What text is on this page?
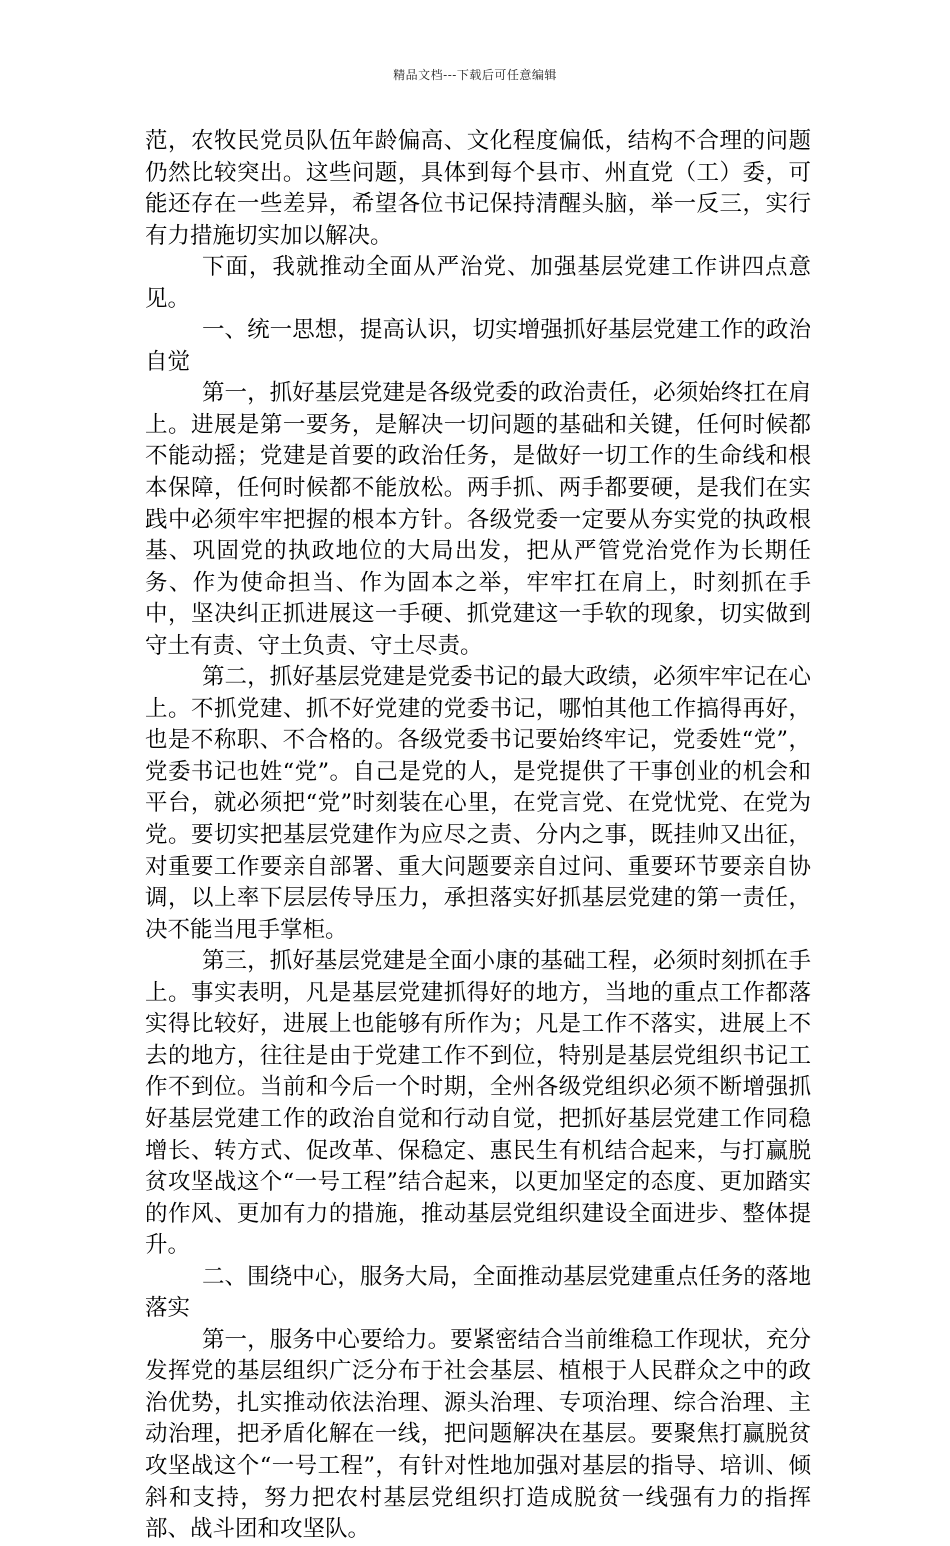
精品文档---下载后可任意编辑

范，农牧民党员队伍年龄偏高、文化程度偏低，结构不合理的问题仍然比较突出。这些问题，具体到每个县市、州直党（工）委，可能还存在一些差异，希望各位书记保持清醒头脑，举一反三，实行有力措施切实加以解决。

下面，我就推动全面从严治党、加强基层党建工作讲四点意见。

一、统一思想，提高认识，切实增强抓好基层党建工作的政治自觉

第一，抓好基层党建是各级党委的政治责任，必须始终扛在肩上。进展是第一要务，是解决一切问题的基础和关键，任何时候都不能动摇；党建是首要的政治任务，是做好一切工作的生命线和根本保障，任何时候都不能放松。两手抓、两手都要硬，是我们在实践中必须牢牢把握的根本方针。各级党委一定要从夯实党的执政根基、巩固党的执政地位的大局出发，把从严管党治党作为长期任务、作为使命担当、作为固本之举，牢牢扛在肩上，时刻抓在手中，坚决纠正抓进展这一手硬、抓党建这一手软的现象，切实做到守土有责、守土负责、守土尽责。

第二，抓好基层党建是党委书记的最大政绩，必须牢牢记在心上。不抓党建、抓不好党建的党委书记，哪怕其他工作搞得再好，也是不称职、不合格的。各级党委书记要始终牢记，党委姓“党”，党委书记也姓“党”。自己是党的人，是党提供了干事创业的机会和平台，就必须把“党”时刻装在心里，在党言党、在党忧党、在党为党。要切实把基层党建作为应尽之责、分内之事，既挂帅又出征，对重要工作要亲自部署、重大问题要亲自过问、重要环节要亲自协调，以上率下层层传导压力，承担落实好抓基层党建的第一责任，决不能当甩手掌柜。

第三，抓好基层党建是全面小康的基础工程，必须时刻抓在手上。事实表明，凡是基层党建抓得好的地方，当地的重点工作都落实得比较好，进展上也能够有所作为；凡是工作不落实，进展上不去的地方，往往是由于党建工作不到位，特别是基层党组织书记工作不到位。当前和今后一个时期，全州各级党组织必须不断增强抓好基层党建工作的政治自觉和行动自觉，把抓好基层党建工作同稳增长、转方式、促改革、保稳定、惠民生有机结合起来，与打赢脱贫攻坚战这个“一号工程”结合起来，以更加坚定的态度、更加踏实的作风、更加有力的措施，推动基层党组织建设全面进步、整体提升。

二、围绕中心，服务大局，全面推动基层党建重点任务的落地落实

第一，服务中心要给力。要紧密结合当前维稳工作现状，充分发挥党的基层组织广泛分布于社会基层、植根于人民群众之中的政治优势，扎实推动依法治理、源头治理、专项治理、综合治理、主动治理，把矛盾化解在一线，把问题解决在基层。要聚焦打赢脱贫攻坚战这个“一号工程”，有针对性地加强对基层的指导、培训、倾斜和支持，努力把农村基层党组织打造成脱贫一线强有力的指挥部、战斗团和攻坚队。
